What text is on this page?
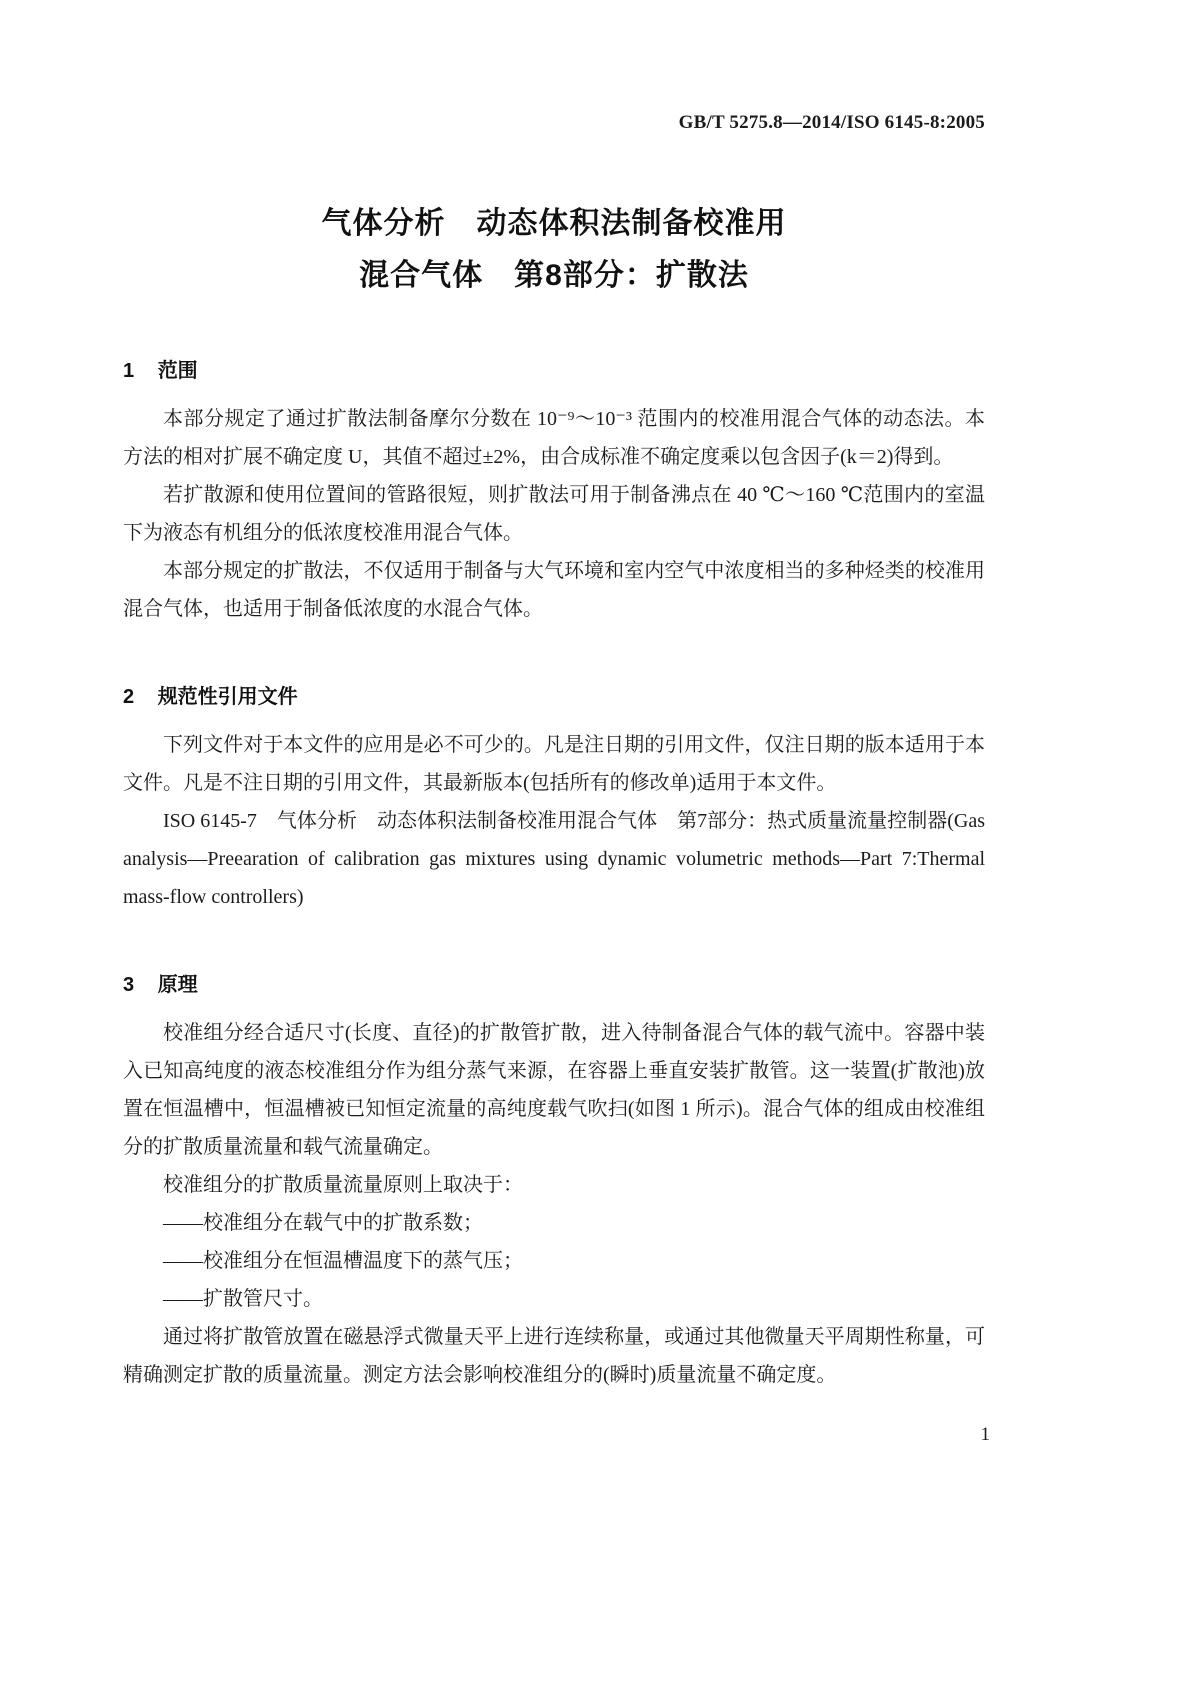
GB/T 5275.8—2014/ISO 6145-8:2005
气体分析　动态体积法制备校准用
混合气体　第8部分：扩散法
1 范围

本部分规定了通过扩散法制备摩尔分数在 10⁻⁹～10⁻³ 范围内的校准用混合气体的动态法。本方法的相对扩展不确定度 U，其值不超过±2%，由合成标准不确定度乘以包含因子(k＝2)得到。

若扩散源和使用位置间的管路很短，则扩散法可用于制备沸点在 40 ℃～160 ℃范围内的室温下为液态有机组分的低浓度校准用混合气体。

本部分规定的扩散法，不仅适用于制备与大气环境和室内空气中浓度相当的多种烃类的校准用混合气体，也适用于制备低浓度的水混合气体。

2 规范性引用文件

下列文件对于本文件的应用是必不可少的。凡是注日期的引用文件，仅注日期的版本适用于本文件。凡是不注日期的引用文件，其最新版本(包括所有的修改单)适用于本文件。

ISO 6145-7　气体分析　动态体积法制备校准用混合气体　第7部分：热式质量流量控制器(Gas analysis—Preearation of calibration gas mixtures using dynamic volumetric methods—Part 7:Thermal mass-flow controllers)

3 原理

校准组分经合适尺寸(长度、直径)的扩散管扩散，进入待制备混合气体的载气流中。容器中装入已知高纯度的液态校准组分作为组分蒸气来源，在容器上垂直安装扩散管。这一装置(扩散池)放置在恒温槽中，恒温槽被已知恒定流量的高纯度载气吹扫(如图 1 所示)。混合气体的组成由校准组分的扩散质量流量和载气流量确定。

校准组分的扩散质量流量原则上取决于：

——校准组分在载气中的扩散系数；

——校准组分在恒温槽温度下的蒸气压；

——扩散管尺寸。

通过将扩散管放置在磁悬浮式微量天平上进行连续称量，或通过其他微量天平周期性称量，可精确测定扩散的质量流量。测定方法会影响校准组分的(瞬时)质量流量不确定度。

1
